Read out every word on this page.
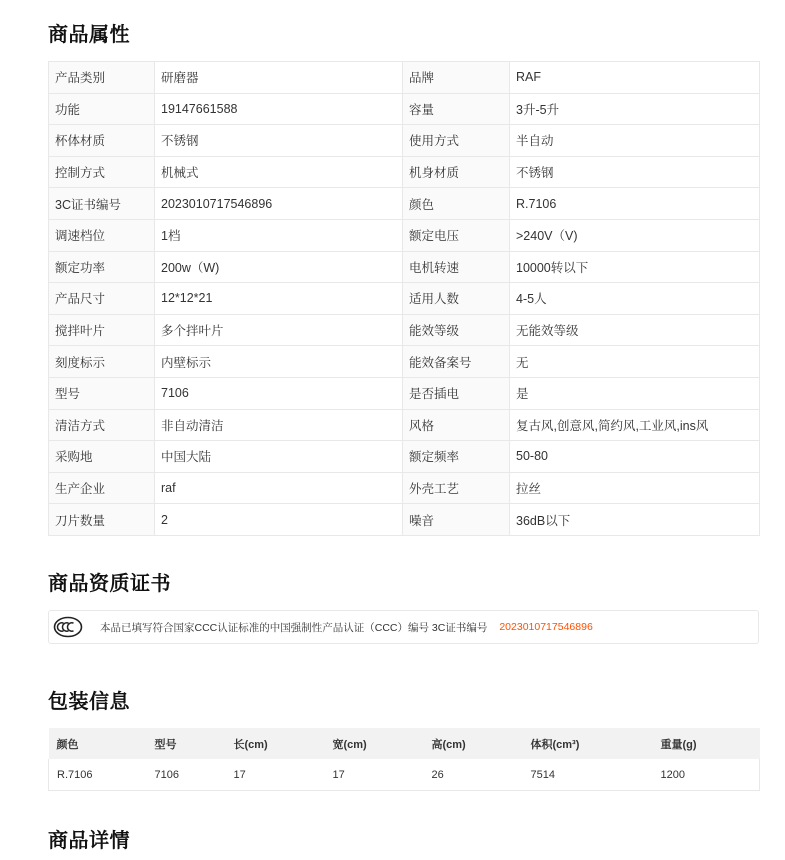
商品属性
产品类别	研磨器	品牌	RAF
功能	19147661588	容量	3升-5升
杯体材质	不锈钢	使用方式	半自动
控制方式	机械式	机身材质	不锈钢
3C证书编号	2023010717546896	颜色	R.7106
调速档位	1档	额定电压	>240V（V)
额定功率	200w（W)	电机转速	10000转以下
产品尺寸	12*12*21	适用人数	4-5人
搅拌叶片	多个拌叶片	能效等级	无能效等级
刻度标示	内壁标示	能效备案号	无
型号	7106	是否插电	是
清洁方式	非自动清洁	风格	复古风,创意风,简约风,工业风,ins风
采购地	中国大陆	额定频率	50-80
生产企业	raf	外壳工艺	拉丝
刀片数量	2	噪音	36dB以下
商品资质证书
本品已填写符合国家CCC认证标准的中国强制性产品认证（CCC）编号 3C证书编号 2023010717546896
包装信息
颜色	型号	长(cm)	宽(cm)	高(cm)	体积(cm³)	重量(g)
R.7106	7106	17	17	26	7514	1200
商品详情
